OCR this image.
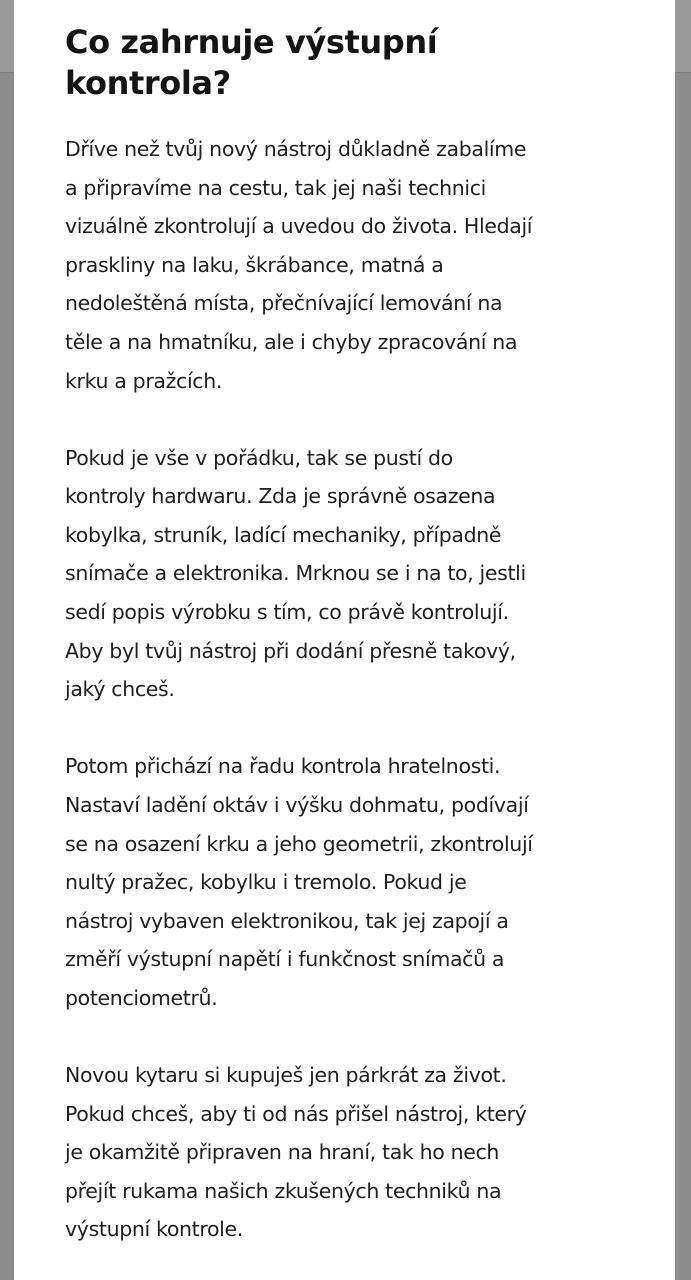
Co zahrnuje výstupní
kontrola?

Dříve než tvůj nový nástroj důkladně zabalíme
a připravíme na cestu, tak jej naši technici
vizuálně zkontrolují a uvedou do života. Hledají
praskliny na laku, škrábance, matná a
nedoleštěná místa, přečnívající lemování na
těle a na hmatníku, ale i chyby zpracování na
krku a pražcích.

Pokud je vše v pořádku, tak se pustí do
kontroly hardwaru. Zda je správně osazena
kobylka, struník, ladící mechaniky, případně
snímače a elektronika. Mrknou se i na to, jestli
sedí popis výrobku s tím, co právě kontrolují.
Aby byl tvůj nástroj při dodání přesně takový,
jaký chceš.

Potom přichází na řadu kontrola hratelnosti.
Nastaví ladění oktáv i výšku dohmatu, podívají
se na osazení krku a jeho geometrii, zkontrolují
nultý pražec, kobylku i tremolo. Pokud je
nástroj vybaven elektronikou, tak jej zapojí a
změří výstupní napětí i funkčnost snímačů a
potenciometrů.

Novou kytaru si kupuješ jen párkrát za život.
Pokud chceš, aby ti od nás přišel nástroj, který
je okamžitě připraven na hraní, tak ho nech
přejít rukama našich zkušených techniků na
výstupní kontrole.
